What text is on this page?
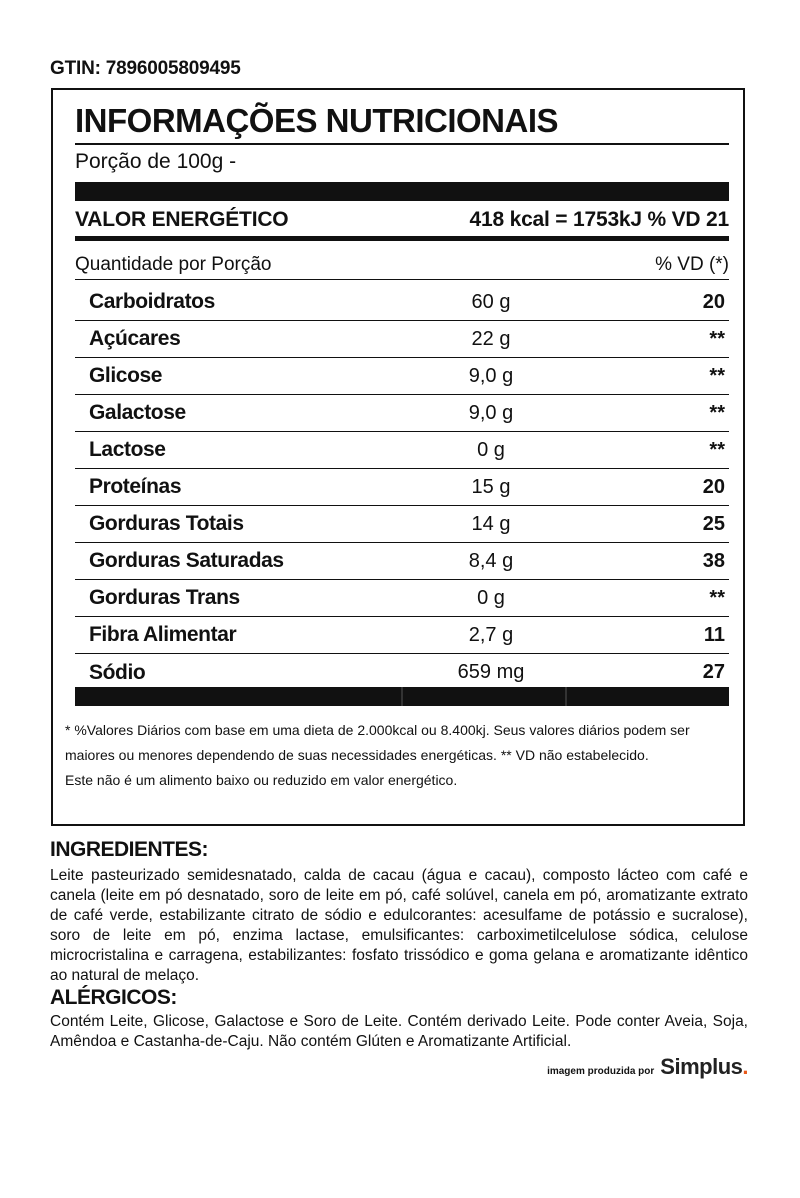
GTIN: 7896005809495
INFORMAÇÕES NUTRICIONAIS
Porção de 100g -
VALOR ENERGÉTICO	418 kcal = 1753kJ % VD 21
Quantidade por Porção	% VD (*)
Carboidratos	60 g	20
Açúcares	22 g	**
Glicose	9,0 g	**
Galactose	9,0 g	**
Lactose	0 g	**
Proteínas	15 g	20
Gorduras Totais	14 g	25
Gorduras Saturadas	8,4 g	38
Gorduras Trans	0 g	**
Fibra Alimentar	2,7 g	11
Sódio	659 mg	27
* %Valores Diários com base em uma dieta de 2.000kcal ou 8.400kj. Seus valores diários podem ser maiores ou menores dependendo de suas necessidades energéticas. ** VD não estabelecido.
Este não é um alimento baixo ou reduzido em valor energético.
INGREDIENTES:
Leite pasteurizado semidesnatado, calda de cacau (água e cacau), composto lácteo com café e canela (leite em pó desnatado, soro de leite em pó, café solúvel, canela em pó, aromatizante extrato de café verde, estabilizante citrato de sódio e edulcorantes: acesulfame de potássio e sucralose), soro de leite em pó, enzima lactase, emulsificantes: carboximetilcelulose sódica, celulose microcristalina e carragena, estabilizantes: fosfato trissódico e goma gelana e aromatizante idêntico ao natural de melaço.
ALÉRGICOS:
Contém Leite, Glicose, Galactose e Soro de Leite. Contém derivado Leite. Pode conter Aveia, Soja, Amêndoa e Castanha-de-Caju. Não contém Glúten e Aromatizante Artificial.
imagem produzida por Simplus.
